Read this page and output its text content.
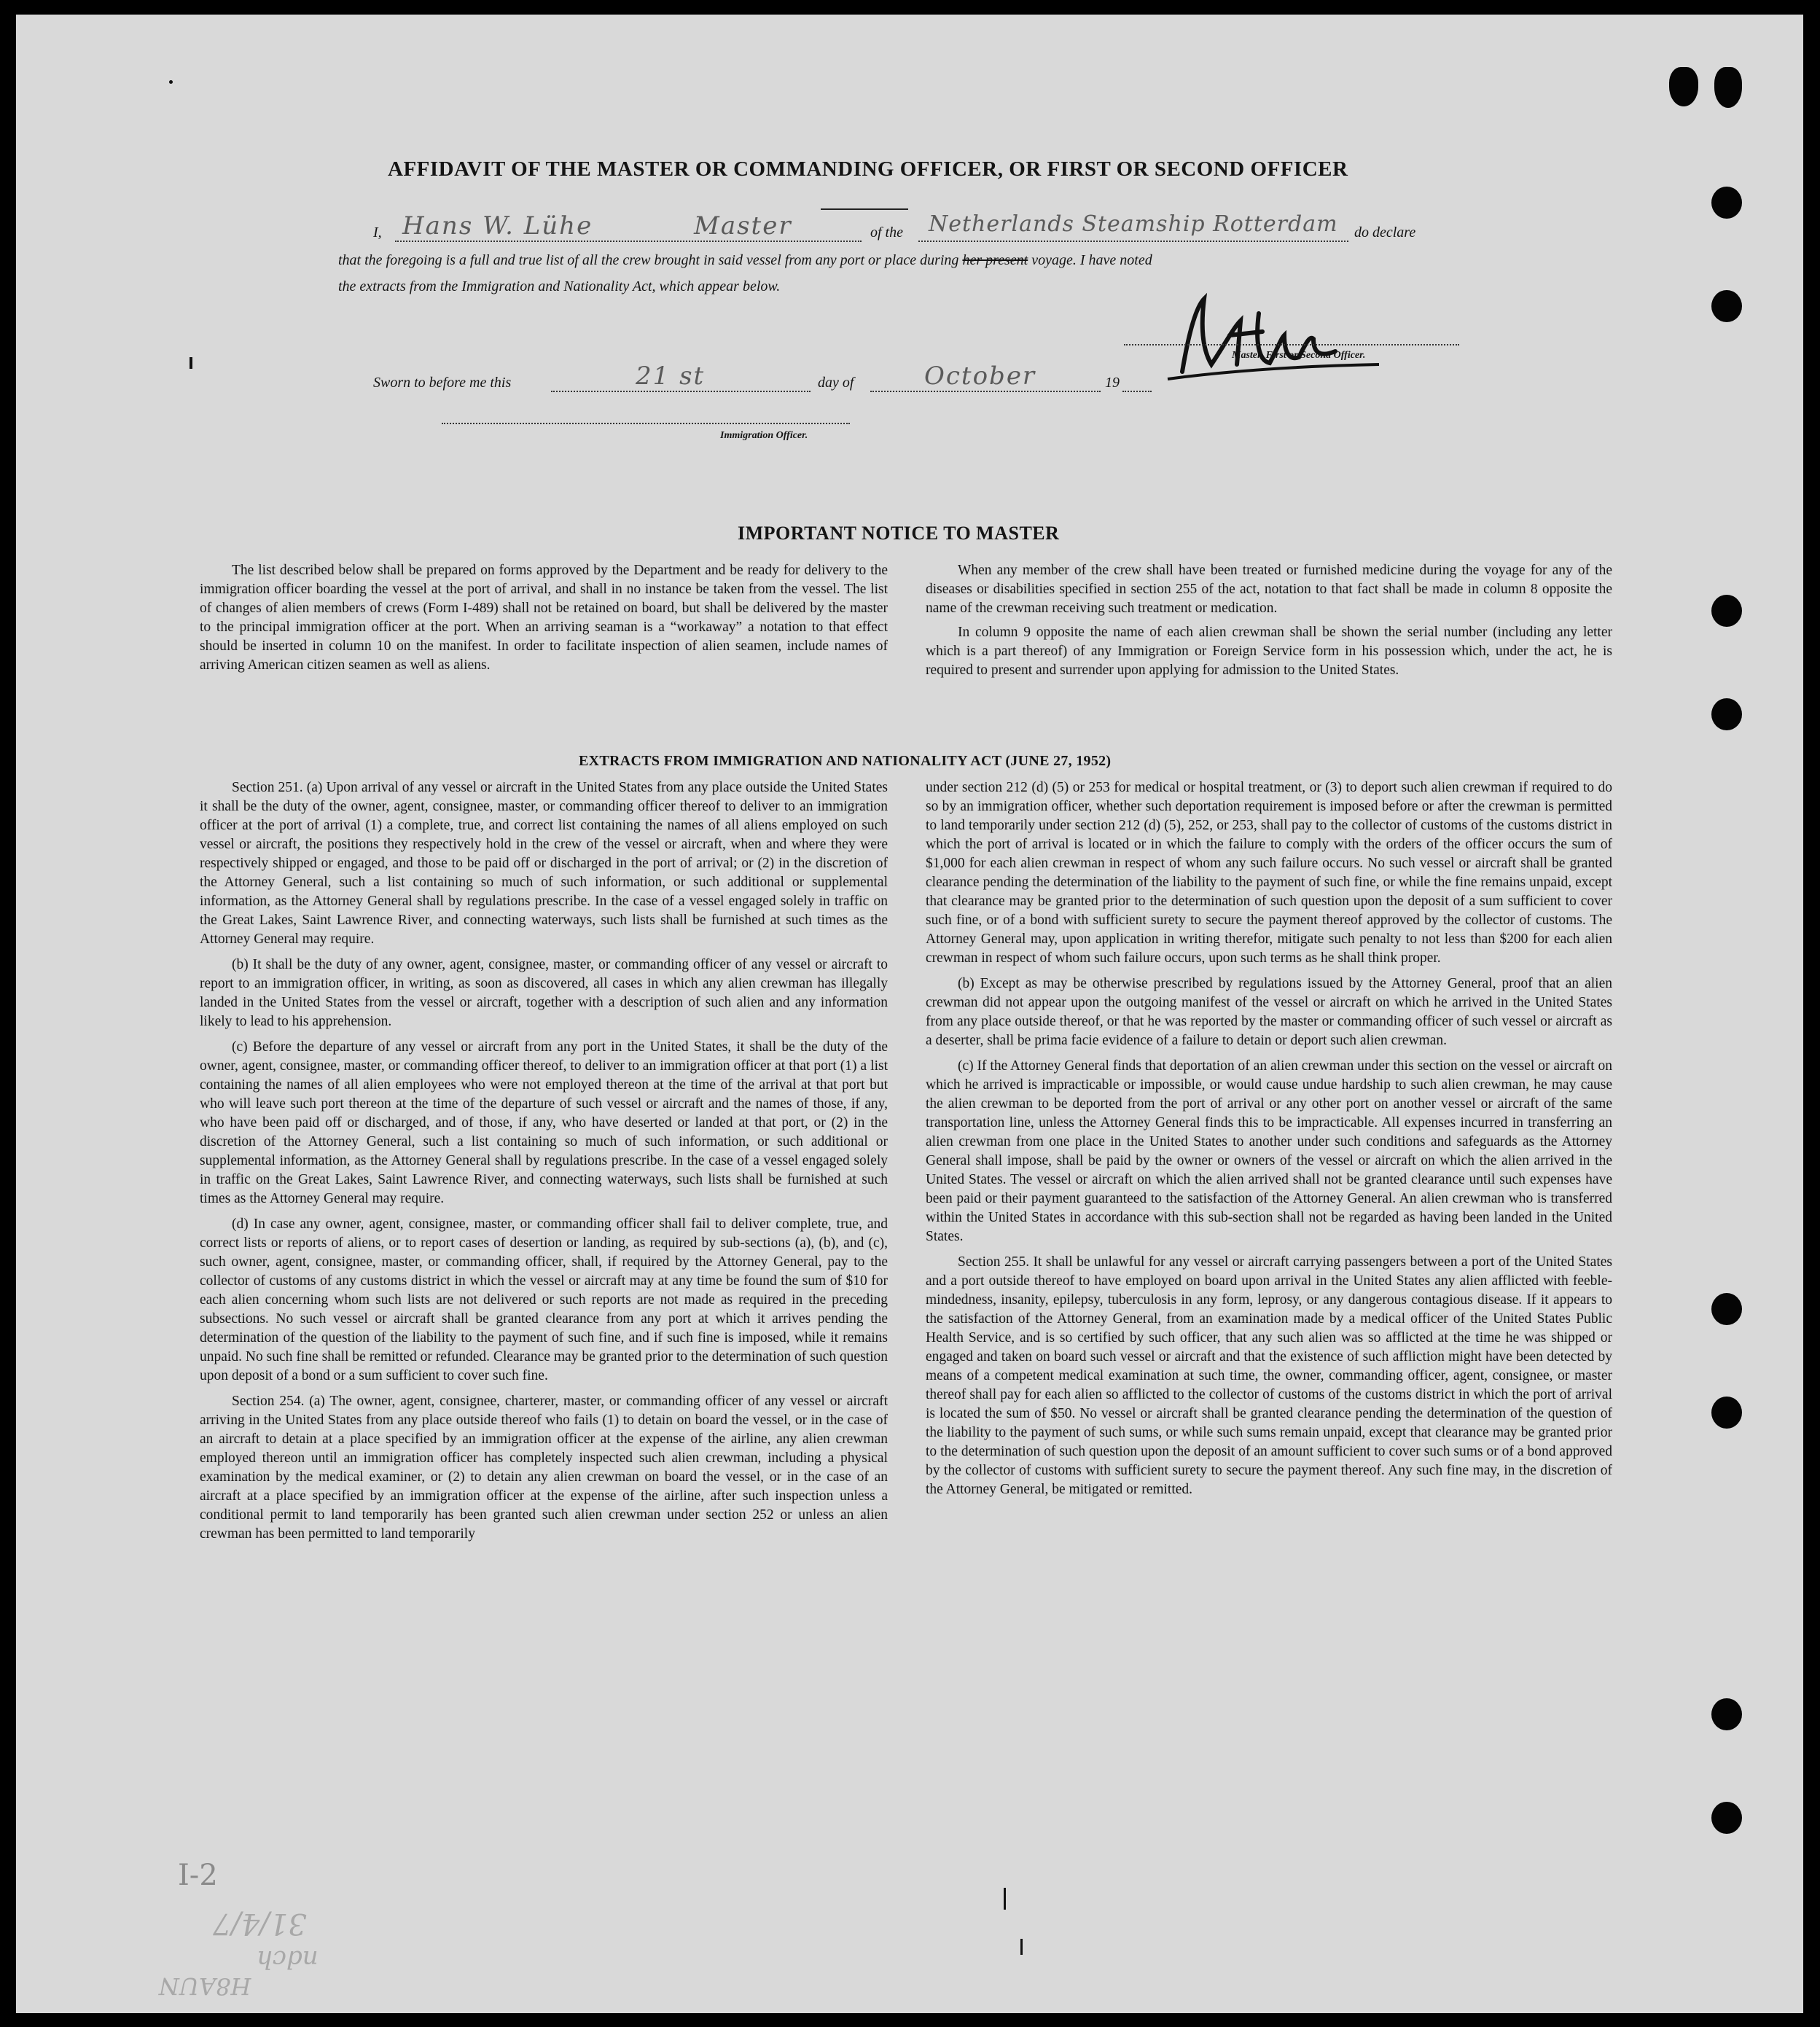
AFFIDAVIT OF THE MASTER OR COMMANDING OFFICER, OR FIRST OR SECOND OFFICER
I, Hans W. Lühe	Master	of the Netherlands Steamship Rotterdam do declare
that the foregoing is a full and true list of all the crew brought in said vessel from any port or place during her present voyage. I have noted
the extracts from the Immigration and Nationality Act, which appear below.
Master, First or Second Officer.
Sworn to before me this	21 st	day of	October	19
Immigration Officer.
IMPORTANT NOTICE TO MASTER

The list described below shall be prepared on forms approved by the Department and be ready for delivery to the immigration officer boarding the vessel at the port of arrival, and shall in no instance be taken from the vessel. The list of changes of alien members of crews (Form I-489) shall not be retained on board, but shall be delivered by the master to the principal immigration officer at the port. When an arriving seaman is a “workaway” a notation to that effect should be inserted in column 10 on the manifest. In order to facilitate inspection of alien seamen, include names of arriving American citizen seamen as well as aliens.

When any member of the crew shall have been treated or furnished medicine during the voyage for any of the diseases or disabilities specified in section 255 of the act, notation to that fact shall be made in column 8 opposite the name of the crewman receiving such treatment or medication.

In column 9 opposite the name of each alien crewman shall be shown the serial number (including any letter which is a part thereof) of any Immigration or Foreign Service form in his possession which, under the act, he is required to present and surrender upon applying for admission to the United States.

EXTRACTS FROM IMMIGRATION AND NATIONALITY ACT (JUNE 27, 1952)

Section 251. (a) Upon arrival of any vessel or aircraft in the United States from any place outside the United States it shall be the duty of the owner, agent, consignee, master, or commanding officer thereof to deliver to an immigration officer at the port of arrival (1) a complete, true, and correct list containing the names of all aliens employed on such vessel or aircraft, the positions they respectively hold in the crew of the vessel or aircraft, when and where they were respectively shipped or engaged, and those to be paid off or discharged in the port of arrival; or (2) in the discretion of the Attorney General, such a list containing so much of such information, or such additional or supplemental information, as the Attorney General shall by regulations prescribe. In the case of a vessel engaged solely in traffic on the Great Lakes, Saint Lawrence River, and connecting waterways, such lists shall be furnished at such times as the Attorney General may require.

(b) It shall be the duty of any owner, agent, consignee, master, or commanding officer of any vessel or aircraft to report to an immigration officer, in writing, as soon as discovered, all cases in which any alien crewman has illegally landed in the United States from the vessel or aircraft, together with a description of such alien and any information likely to lead to his apprehension.

(c) Before the departure of any vessel or aircraft from any port in the United States, it shall be the duty of the owner, agent, consignee, master, or commanding officer thereof, to deliver to an immigration officer at that port (1) a list containing the names of all alien employees who were not employed thereon at the time of the arrival at that port but who will leave such port thereon at the time of the departure of such vessel or aircraft and the names of those, if any, who have been paid off or discharged, and of those, if any, who have deserted or landed at that port, or (2) in the discretion of the Attorney General, such a list containing so much of such information, or such additional or supplemental information, as the Attorney General shall by regulations prescribe. In the case of a vessel engaged solely in traffic on the Great Lakes, Saint Lawrence River, and connecting waterways, such lists shall be furnished at such times as the Attorney General may require.

(d) In case any owner, agent, consignee, master, or commanding officer shall fail to deliver complete, true, and correct lists or reports of aliens, or to report cases of desertion or landing, as required by sub-sections (a), (b), and (c), such owner, agent, consignee, master, or commanding officer, shall, if required by the Attorney General, pay to the collector of customs of any customs district in which the vessel or aircraft may at any time be found the sum of $10 for each alien concerning whom such lists are not delivered or such reports are not made as required in the preceding subsections. No such vessel or aircraft shall be granted clearance from any port at which it arrives pending the determination of the question of the liability to the payment of such fine, and if such fine is imposed, while it remains unpaid. No such fine shall be remitted or refunded. Clearance may be granted prior to the determination of such question upon deposit of a bond or a sum sufficient to cover such fine.

Section 254. (a) The owner, agent, consignee, charterer, master, or commanding officer of any vessel or aircraft arriving in the United States from any place outside thereof who fails (1) to detain on board the vessel, or in the case of an aircraft to detain at a place specified by an immigration officer at the expense of the airline, any alien crewman employed thereon until an immigration officer has completely inspected such alien crewman, including a physical examination by the medical examiner, or (2) to detain any alien crewman on board the vessel, or in the case of an aircraft at a place specified by an immigration officer at the expense of the airline, after such inspection unless a conditional permit to land temporarily has been granted such alien crewman under section 252 or unless an alien crewman has been permitted to land temporarily

under section 212 (d) (5) or 253 for medical or hospital treatment, or (3) to deport such alien crewman if required to do so by an immigration officer, whether such deportation requirement is imposed before or after the crewman is permitted to land temporarily under section 212 (d) (5), 252, or 253, shall pay to the collector of customs of the customs district in which the port of arrival is located or in which the failure to comply with the orders of the officer occurs the sum of $1,000 for each alien crewman in respect of whom any such failure occurs. No such vessel or aircraft shall be granted clearance pending the determination of the liability to the payment of such fine, or while the fine remains unpaid, except that clearance may be granted prior to the determination of such question upon the deposit of a sum sufficient to cover such fine, or of a bond with sufficient surety to secure the payment thereof approved by the collector of customs. The Attorney General may, upon application in writing therefor, mitigate such penalty to not less than $200 for each alien crewman in respect of whom such failure occurs, upon such terms as he shall think proper.

(b) Except as may be otherwise prescribed by regulations issued by the Attorney General, proof that an alien crewman did not appear upon the outgoing manifest of the vessel or aircraft on which he arrived in the United States from any place outside thereof, or that he was reported by the master or commanding officer of such vessel or aircraft as a deserter, shall be prima facie evidence of a failure to detain or deport such alien crewman.

(c) If the Attorney General finds that deportation of an alien crewman under this section on the vessel or aircraft on which he arrived is impracticable or impossible, or would cause undue hardship to such alien crewman, he may cause the alien crewman to be deported from the port of arrival or any other port on another vessel or aircraft of the same transportation line, unless the Attorney General finds this to be impracticable. All expenses incurred in transferring an alien crewman from one place in the United States to another under such conditions and safeguards as the Attorney General shall impose, shall be paid by the owner or owners of the vessel or aircraft on which the alien arrived in the United States. The vessel or aircraft on which the alien arrived shall not be granted clearance until such expenses have been paid or their payment guaranteed to the satisfaction of the Attorney General. An alien crewman who is transferred within the United States in accordance with this sub-section shall not be regarded as having been landed in the United States.

Section 255. It shall be unlawful for any vessel or aircraft carrying passengers between a port of the United States and a port outside thereof to have employed on board upon arrival in the United States any alien afflicted with feeble-mindedness, insanity, epilepsy, tuberculosis in any form, leprosy, or any dangerous contagious disease. If it appears to the satisfaction of the Attorney General, from an examination made by a medical officer of the United States Public Health Service, and is so certified by such officer, that any such alien was so afflicted at the time he was shipped or engaged and taken on board such vessel or aircraft and that the existence of such affliction might have been detected by means of a competent medical examination at such time, the owner, commanding officer, agent, consignee, or master thereof shall pay for each alien so afflicted to the collector of customs of the customs district in which the port of arrival is located the sum of $50. No vessel or aircraft shall be granted clearance pending the determination of the question of the liability to the payment of such sums, or while such sums remain unpaid, except that clearance may be granted prior to the determination of such question upon the deposit of an amount sufficient to cover such sums or of a bond approved by the collector of customs with sufficient surety to secure the payment thereof. Any such fine may, in the discretion of the Attorney General, be mitigated or remitted.

I-2
31/4/7
ndch
H8AUN
